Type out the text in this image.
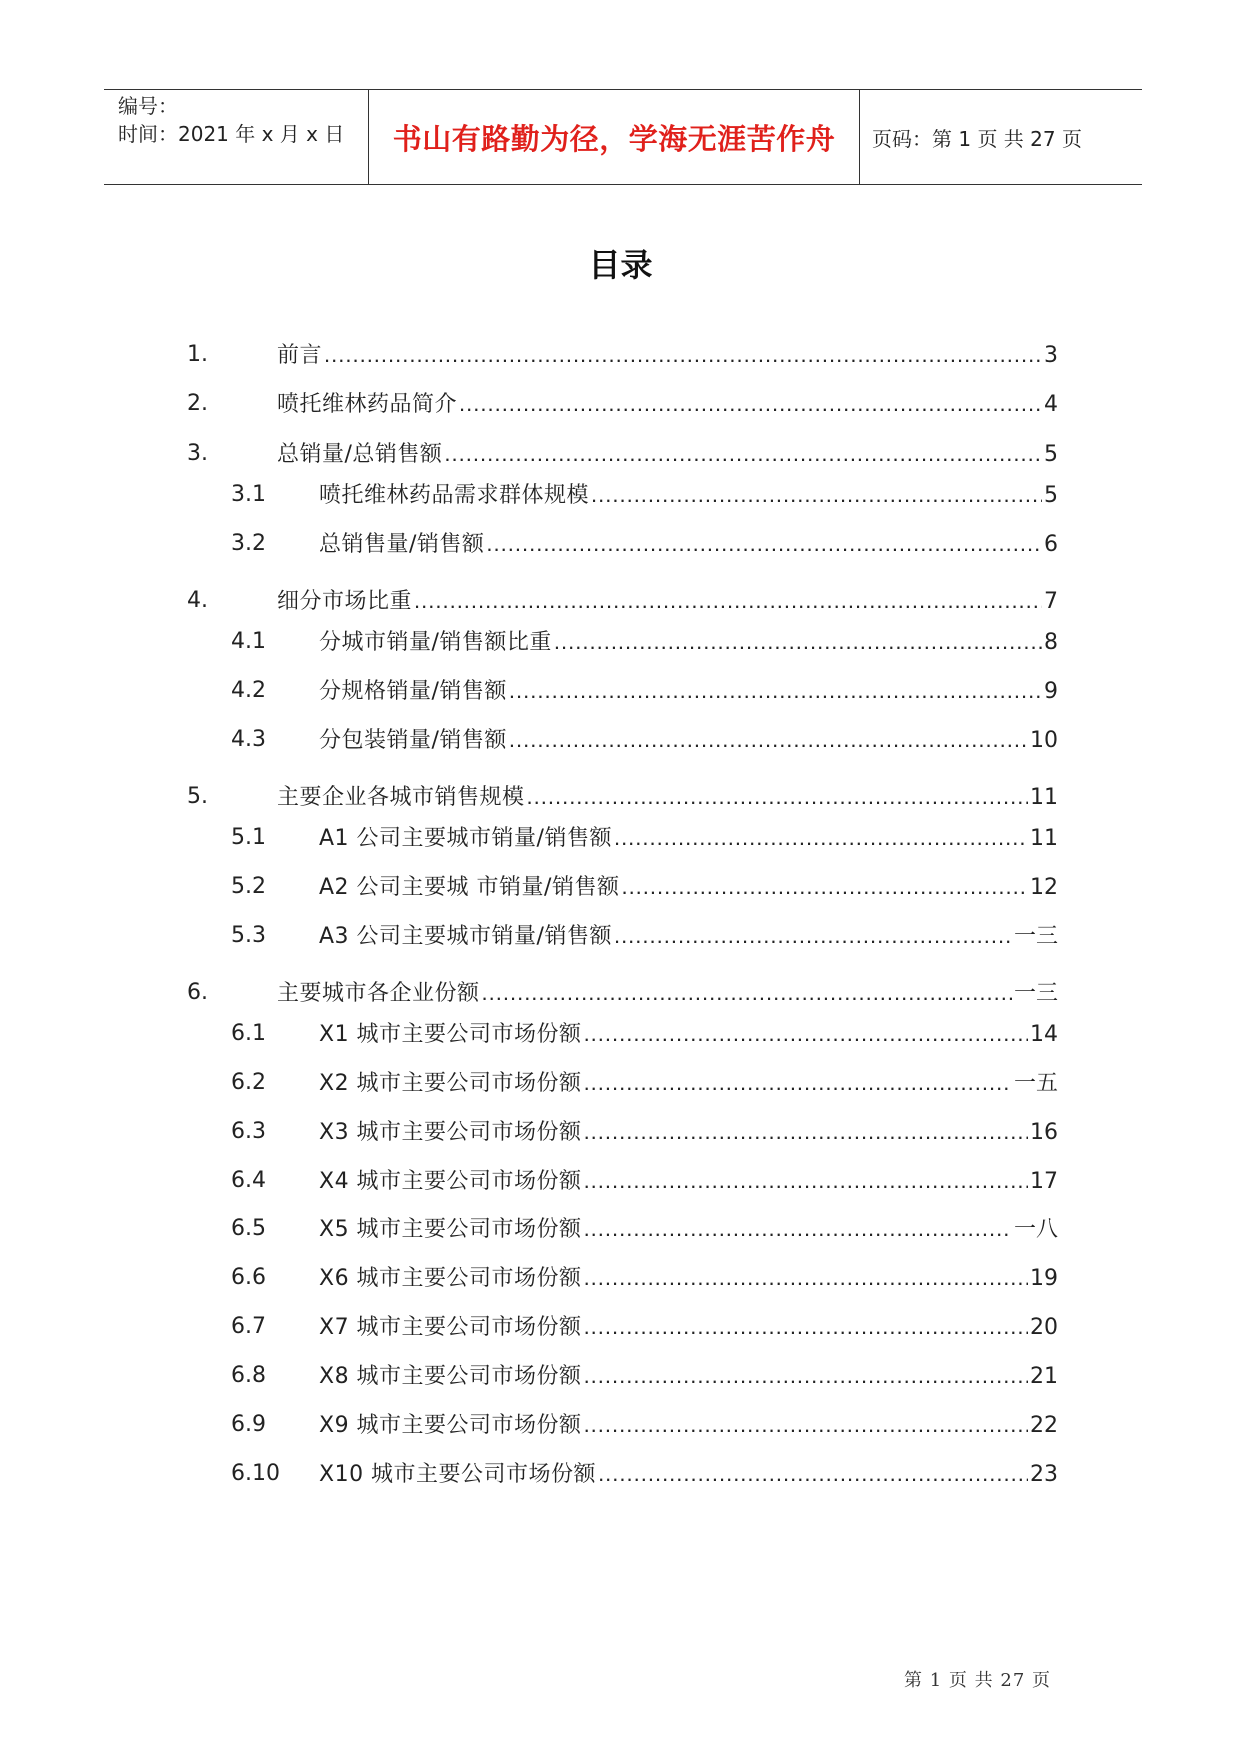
编号：
时间：2021 年 x 月 x 日	书山有路勤为径，学海无涯苦作舟	页码：第 1 页 共 27 页
目录
1.	前言 .....	3
2.	喷托维林药品简介 .....	4
3.	总销量/总销售额 .....	5
3.1 喷托维林药品需求群体规模 .....	5
3.2 总销售量/销售额 .....	6
4.	细分市场比重 .....	7
4.1 分城市销量/销售额比重 .....	8
4.2 分规格销量/销售额 .....	9
4.3 分包装销量/销售额 .....	10
5.	主要企业各城市销售规模 .....	11
5.1 A1 公司主要城市销量/销售额 .....	11
5.2 A2 公司主要城 市销量/销售额 .....	12
5.3 A3 公司主要城市销量/销售额 .....	一三
6.	主要城市各企业份额 .....	一三
6.1 X1 城市主要公司市场份额 .....	14
6.2 X2 城市主要公司市场份额 .....	一五
6.3 X3 城市主要公司市场份额 .....	16
6.4 X4 城市主要公司市场份额 .....	17
6.5 X5 城市主要公司市场份额 .....	一八
6.6 X6 城市主要公司市场份额 .....	19
6.7 X7 城市主要公司市场份额 .....	20
6.8 X8 城市主要公司市场份额 .....	21
6.9 X9 城市主要公司市场份额 .....	22
6.10 X10 城市主要公司市场份额 .....	23
第 1 页 共 27 页
